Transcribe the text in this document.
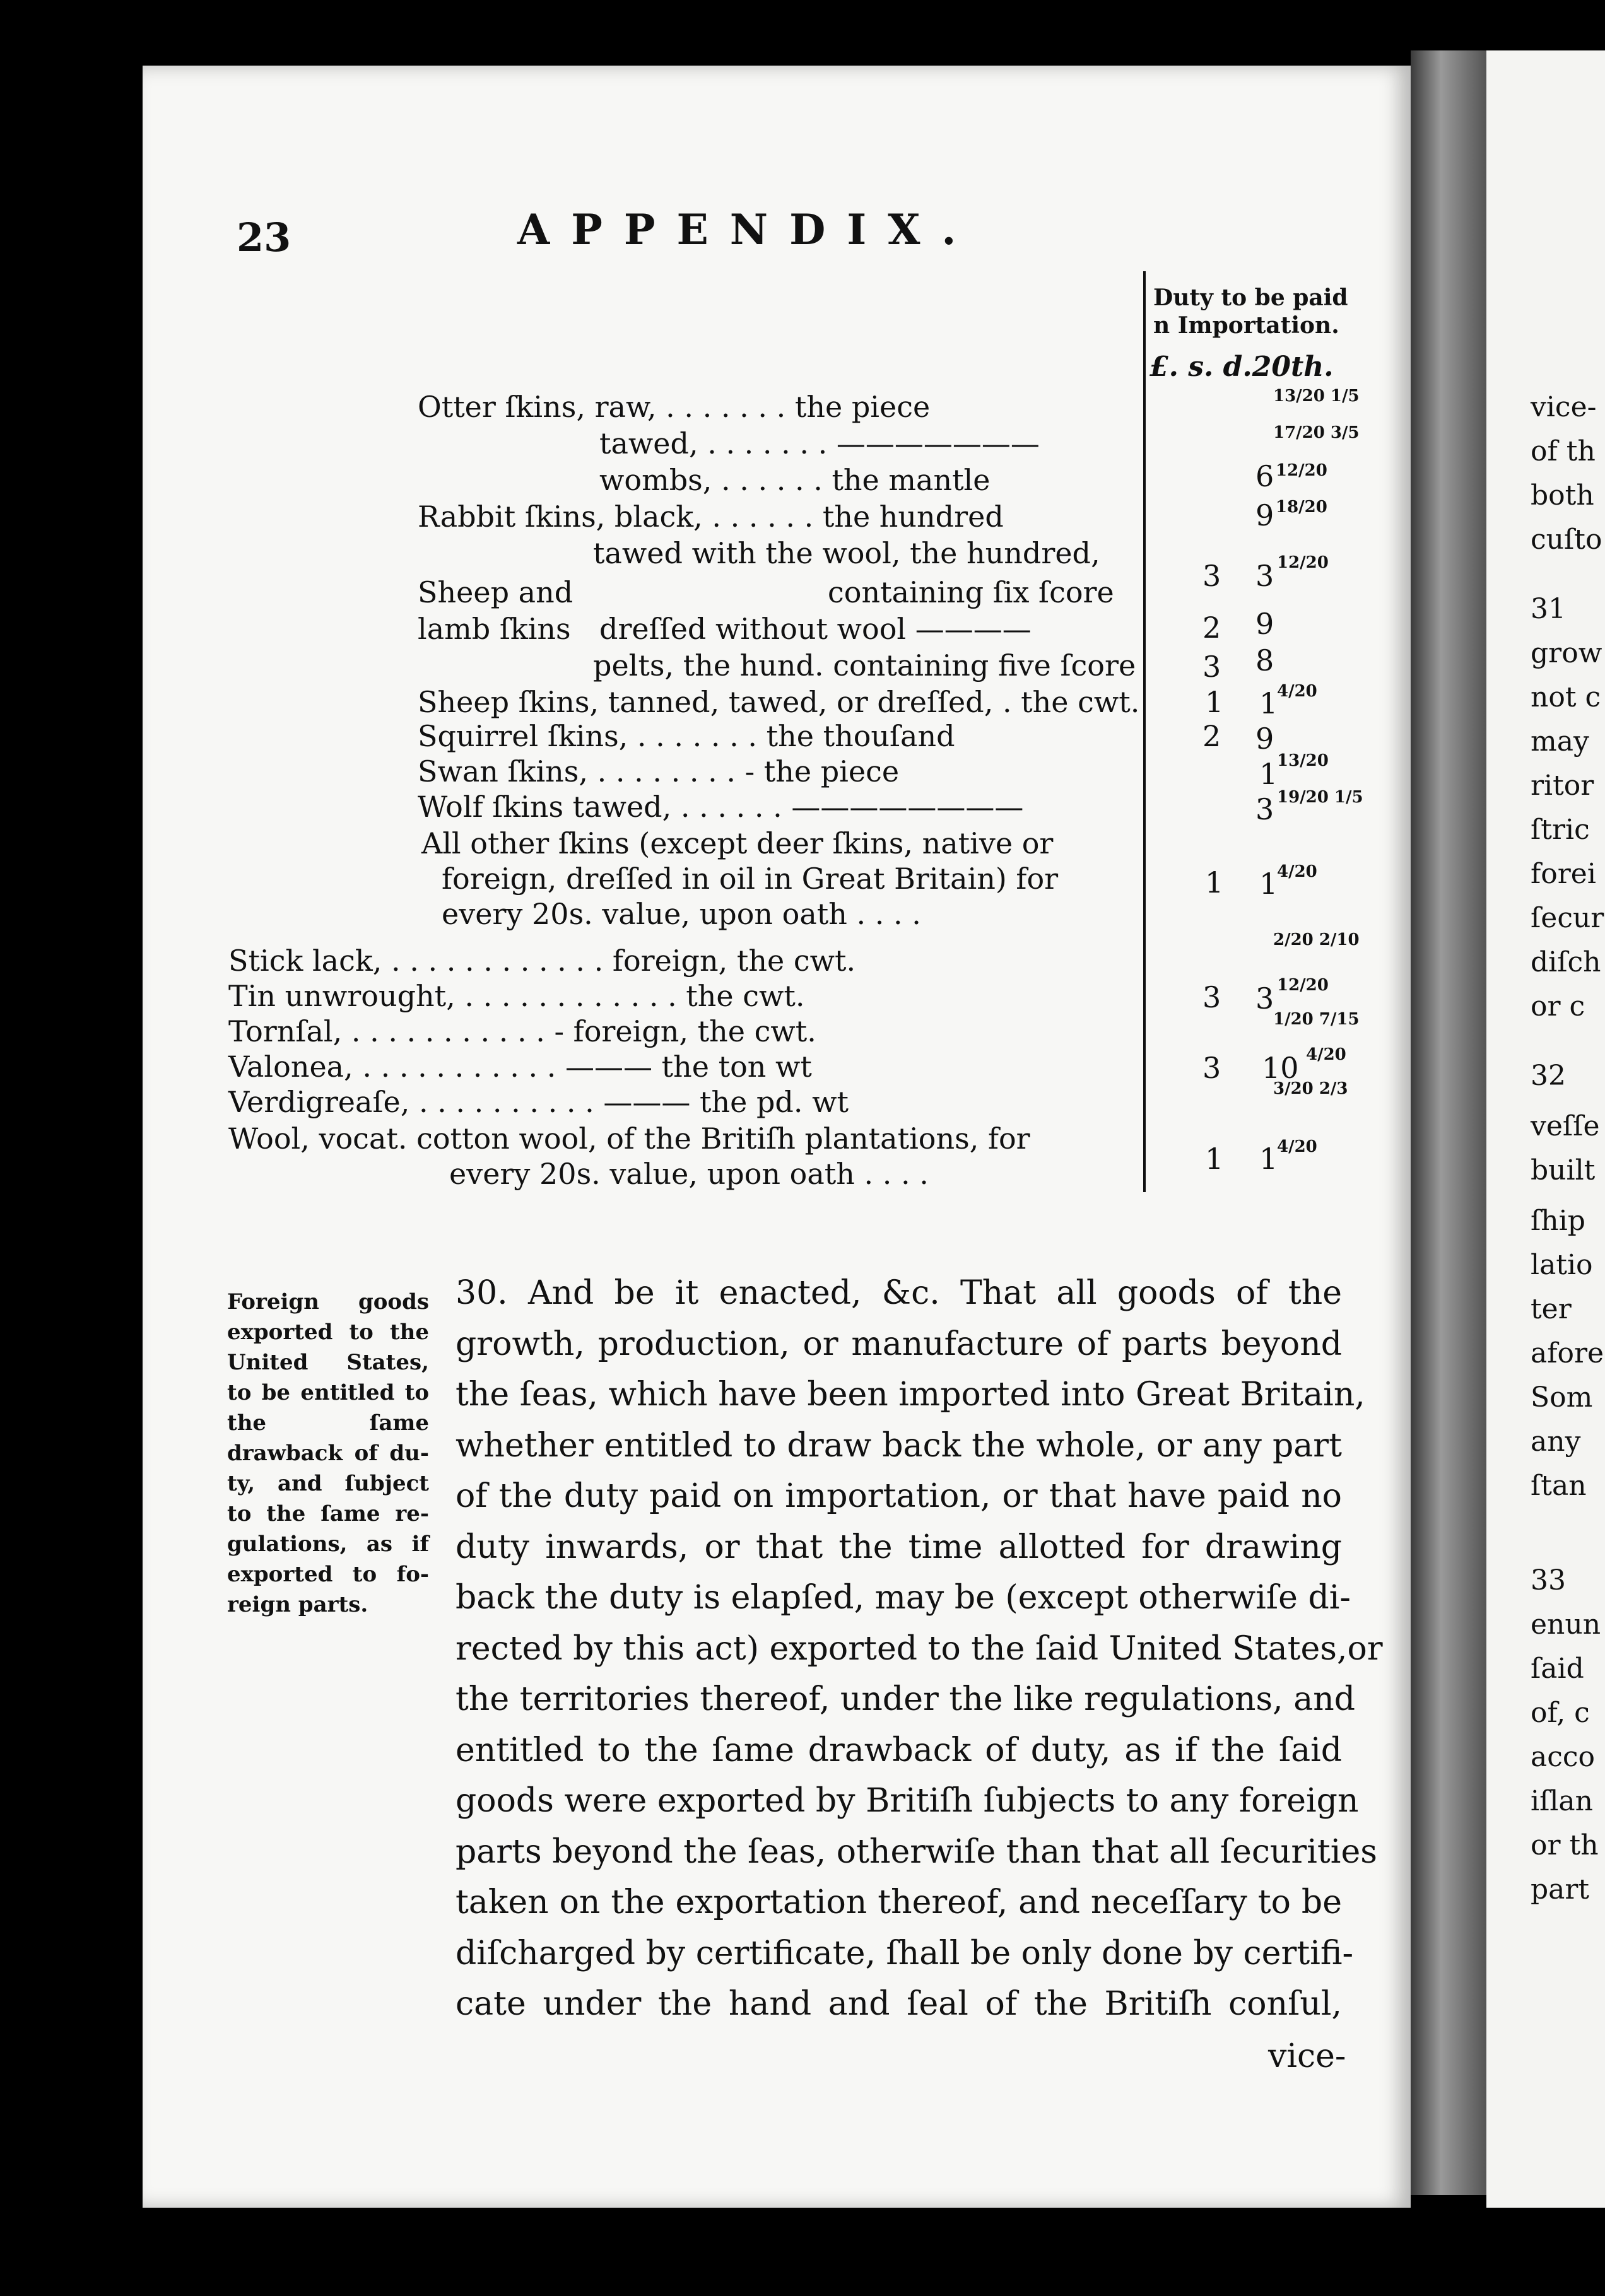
vice-
of th
both
cuſto
31
grow
not c
may
ritor
ſtric
forei
ſecur
diſch
or c
32
veſſe
built
ſhip
latio
ter
afore
Som
any
ſtan
33
enun
ſaid
of, c
acco
iſlan
or th
part
23	APPENDIX.
Duty to be paid
n Importation.
£. s. d.20th.
Otter ſkins, raw, . . . . . . . the piece
tawed, . . . . . . . ———————
wombs, . . . . . . the mantle
Rabbit ſkins, black, . . . . . . the hundred
tawed with the wool, the hundred,
Sheep and	containing ſix ſcore
lamb ſkins dreſſed without wool ————
pelts, the hund. containing five ſcore
Sheep ſkins, tanned, tawed, or dreſſed, . the cwt.
Squirrel ſkins, . . . . . . . the thouſand
Swan ſkins, . . . . . . . . - the piece
Wolf ſkins tawed, . . . . . . ————————
All other ſkins (except deer ſkins, native or
foreign, dreſſed in oil in Great Britain) for
every 20s. value, upon oath . . . .
Stick lack, . . . . . . . . . . . . foreign, the cwt.
Tin unwrought, . . . . . . . . . . . . the cwt.
Tornſal, . . . . . . . . . . . - foreign, the cwt.
Valonea, . . . . . . . . . . . ——— the ton wt
Verdigreaſe, . . . . . . . . . . ——— the pd. wt
Wool, vocat. cotton wool, of the Britiſh plantations, for
every 20s. value, upon oath . . . .
13/20 1/5
17/20 3/5
6 12/20
9 18/20
3 3 12/20
2 9
3 8
1 1
4/20
2 9
1
13/20
3 19/20 1/5
1 1
4/20
2/20 2/10
3 3 12/20
1/20 7/15
3 10 4/20
3/20 2/3
1 1
4/20
Foreign goods exported to the United States, to be entitled to the ſame drawback of du- ty, and ſubject to the ſame re- gulations, as if exported to fo- reign parts.
30. And be it enacted, &c. That all goods of the
growth, production, or manufacture of parts beyond
the ſeas, which have been imported into Great Britain,
whether entitled to draw back the whole, or any part
of the duty paid on importation, or that have paid no
duty inwards, or that the time allotted for drawing
back the duty is elapſed, may be (except otherwiſe di-
rected by this act) exported to the ſaid United States,or
the territories thereof, under the like regulations, and
entitled to the ſame drawback of duty, as if the ſaid
goods were exported by Britiſh ſubjects to any foreign
parts beyond the ſeas, otherwiſe than that all ſecurities
taken on the exportation thereof, and neceſſary to be
diſcharged by certificate, ſhall be only done by certifi-
cate under the hand and ſeal of the Britiſh conſul,
vice-
